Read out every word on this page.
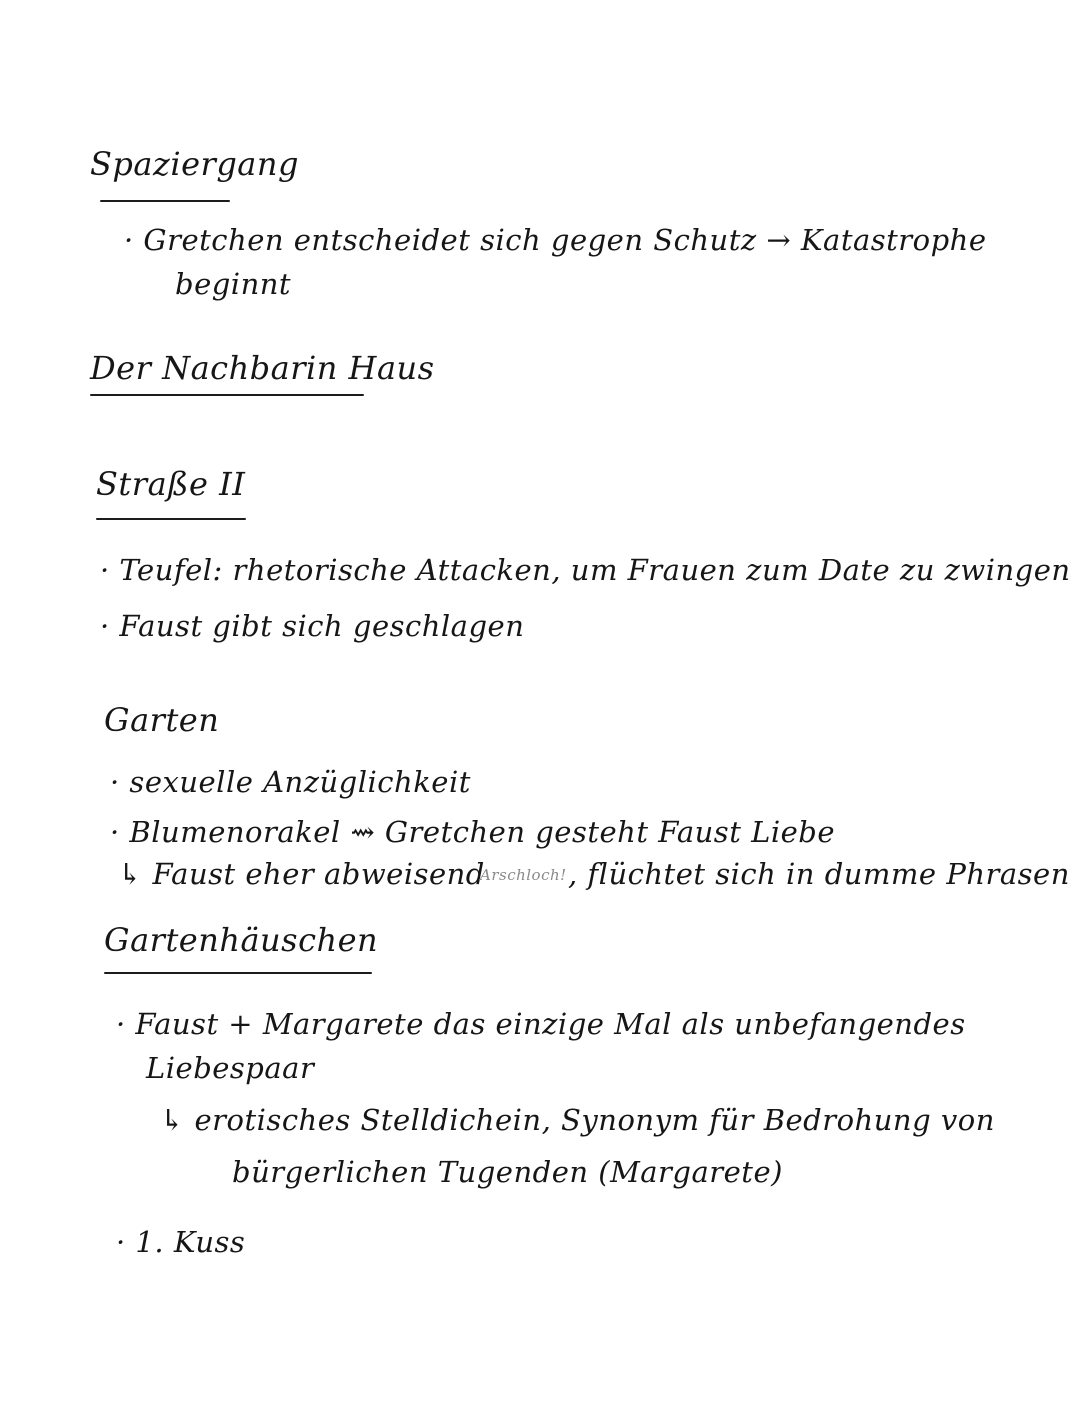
Spaziergang
· Gretchen entscheidet sich gegen Schutz → Katastrophe
beginnt
Der Nachbarin Haus
Straße II
· Teufel: rhetorische Attacken, um Frauen zum Date zu zwingen
· Faust gibt sich geschlagen
Garten
· sexuelle Anzüglichkeit
· Blumenorakel ⇝ Gretchen gesteht Faust Liebe
↳ Faust eher abweisend
Arschloch! , flüchtet sich in dumme Phrasen
Gartenhäuschen
· Faust + Margarete das einzige Mal als unbefangendes
Liebespaar
↳ erotisches Stelldichein, Synonym für Bedrohung von
bürgerlichen Tugenden (Margarete)
· 1. Kuss
